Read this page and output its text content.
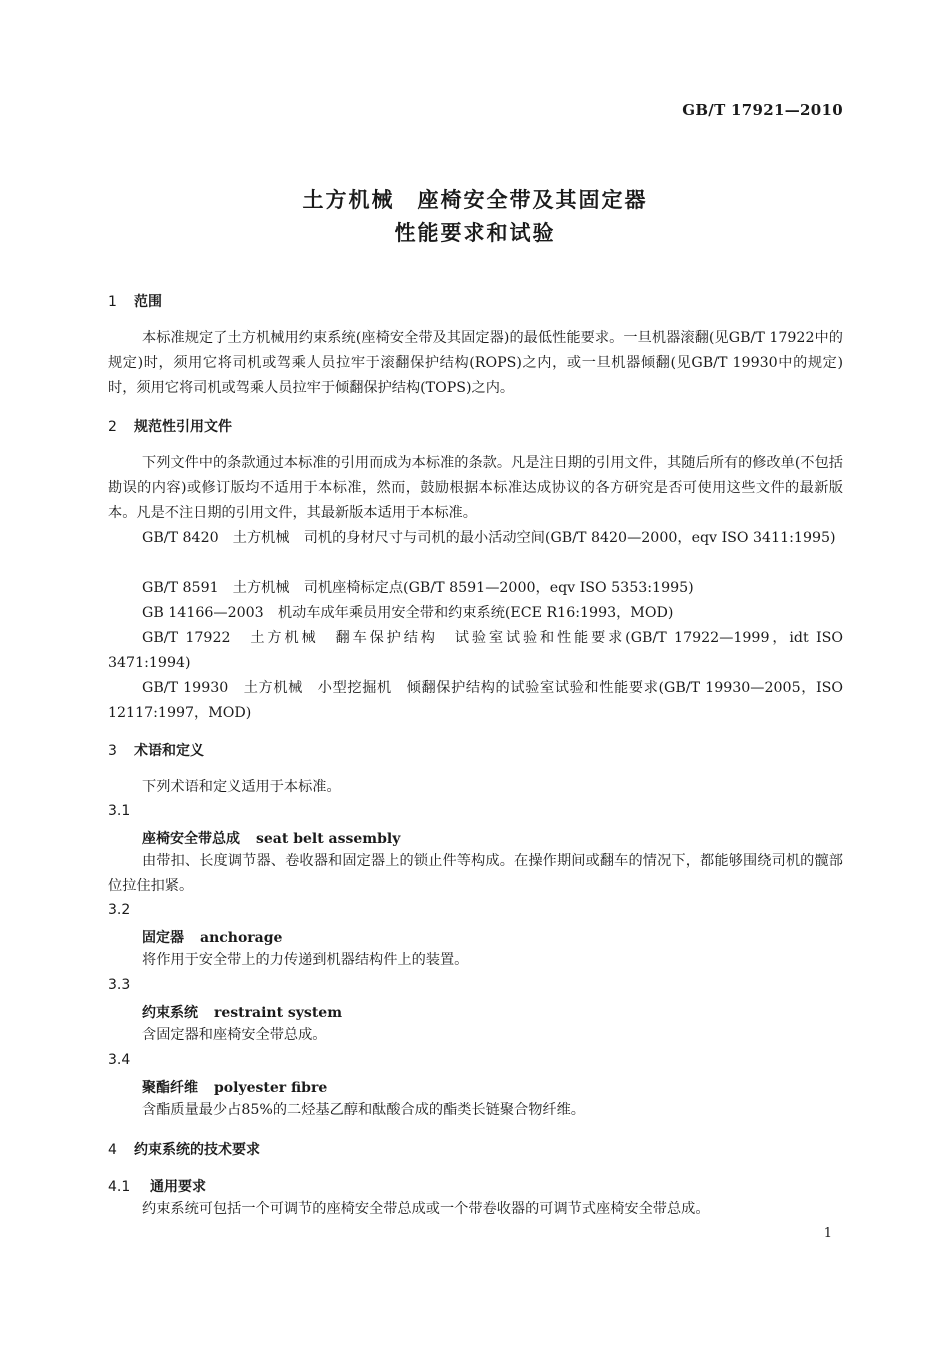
GB/T 17921—2010
土方机械　座椅安全带及其固定器
性能要求和试验
1 范围
本标准规定了土方机械用约束系统(座椅安全带及其固定器)的最低性能要求。一旦机器滚翻(见GB/T 17922中的规定)时，须用它将司机或驾乘人员拉牢于滚翻保护结构(ROPS)之内，或一旦机器倾翻(见GB/T 19930中的规定)时，须用它将司机或驾乘人员拉牢于倾翻保护结构(TOPS)之内。
2 规范性引用文件
下列文件中的条款通过本标准的引用而成为本标准的条款。凡是注日期的引用文件，其随后所有的修改单(不包括勘误的内容)或修订版均不适用于本标准，然而，鼓励根据本标准达成协议的各方研究是否可使用这些文件的最新版本。凡是不注日期的引用文件，其最新版本适用于本标准。
GB/T 8420　土方机械　司机的身材尺寸与司机的最小活动空间(GB/T 8420—2000，eqv ISO 3411:1995)
GB/T 8591　土方机械　司机座椅标定点(GB/T 8591—2000，eqv ISO 5353:1995)
GB 14166—2003　机动车成年乘员用安全带和约束系统(ECE R16:1993，MOD)
GB/T 17922　土方机械　翻车保护结构　试验室试验和性能要求(GB/T 17922—1999，idt ISO 3471:1994)
GB/T 19930　土方机械　小型挖掘机　倾翻保护结构的试验室试验和性能要求(GB/T 19930—2005，ISO 12117:1997，MOD)
3 术语和定义
下列术语和定义适用于本标准。
3.1
座椅安全带总成 seat belt assembly
由带扣、长度调节器、卷收器和固定器上的锁止件等构成。在操作期间或翻车的情况下，都能够围绕司机的髋部位拉住扣紧。
3.2
固定器 anchorage
将作用于安全带上的力传递到机器结构件上的装置。
3.3
约束系统 restraint system
含固定器和座椅安全带总成。
3.4
聚酯纤维 polyester fibre
含酯质量最少占85%的二烃基乙醇和酞酸合成的酯类长链聚合物纤维。
4 约束系统的技术要求
4.1 通用要求
约束系统可包括一个可调节的座椅安全带总成或一个带卷收器的可调节式座椅安全带总成。
1
